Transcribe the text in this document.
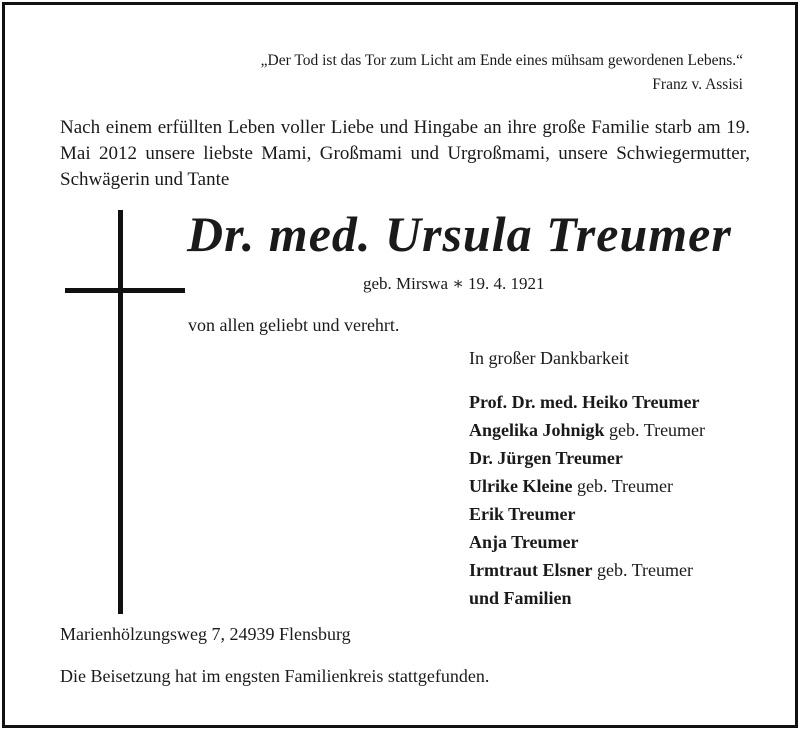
„Der Tod ist das Tor zum Licht am Ende eines mühsam gewordenen Lebens.“
Franz v. Assisi
Nach einem erfüllten Leben voller Liebe und Hingabe an ihre große Familie starb am 19. Mai 2012 unsere liebste Mami, Großmami und Urgroßmami, unsere Schwiegermutter, Schwägerin und Tante
Dr. med. Ursula Treumer
geb. Mirswa ∗ 19. 4. 1921
von allen geliebt und verehrt.
In großer Dankbarkeit
Prof. Dr. med. Heiko Treumer
Angelika Johnigk geb. Treumer
Dr. Jürgen Treumer
Ulrike Kleine geb. Treumer
Erik Treumer
Anja Treumer
Irmtraut Elsner geb. Treumer
und Familien
Marienhölzungsweg 7, 24939 Flensburg
Die Beisetzung hat im engsten Familienkreis stattgefunden.
